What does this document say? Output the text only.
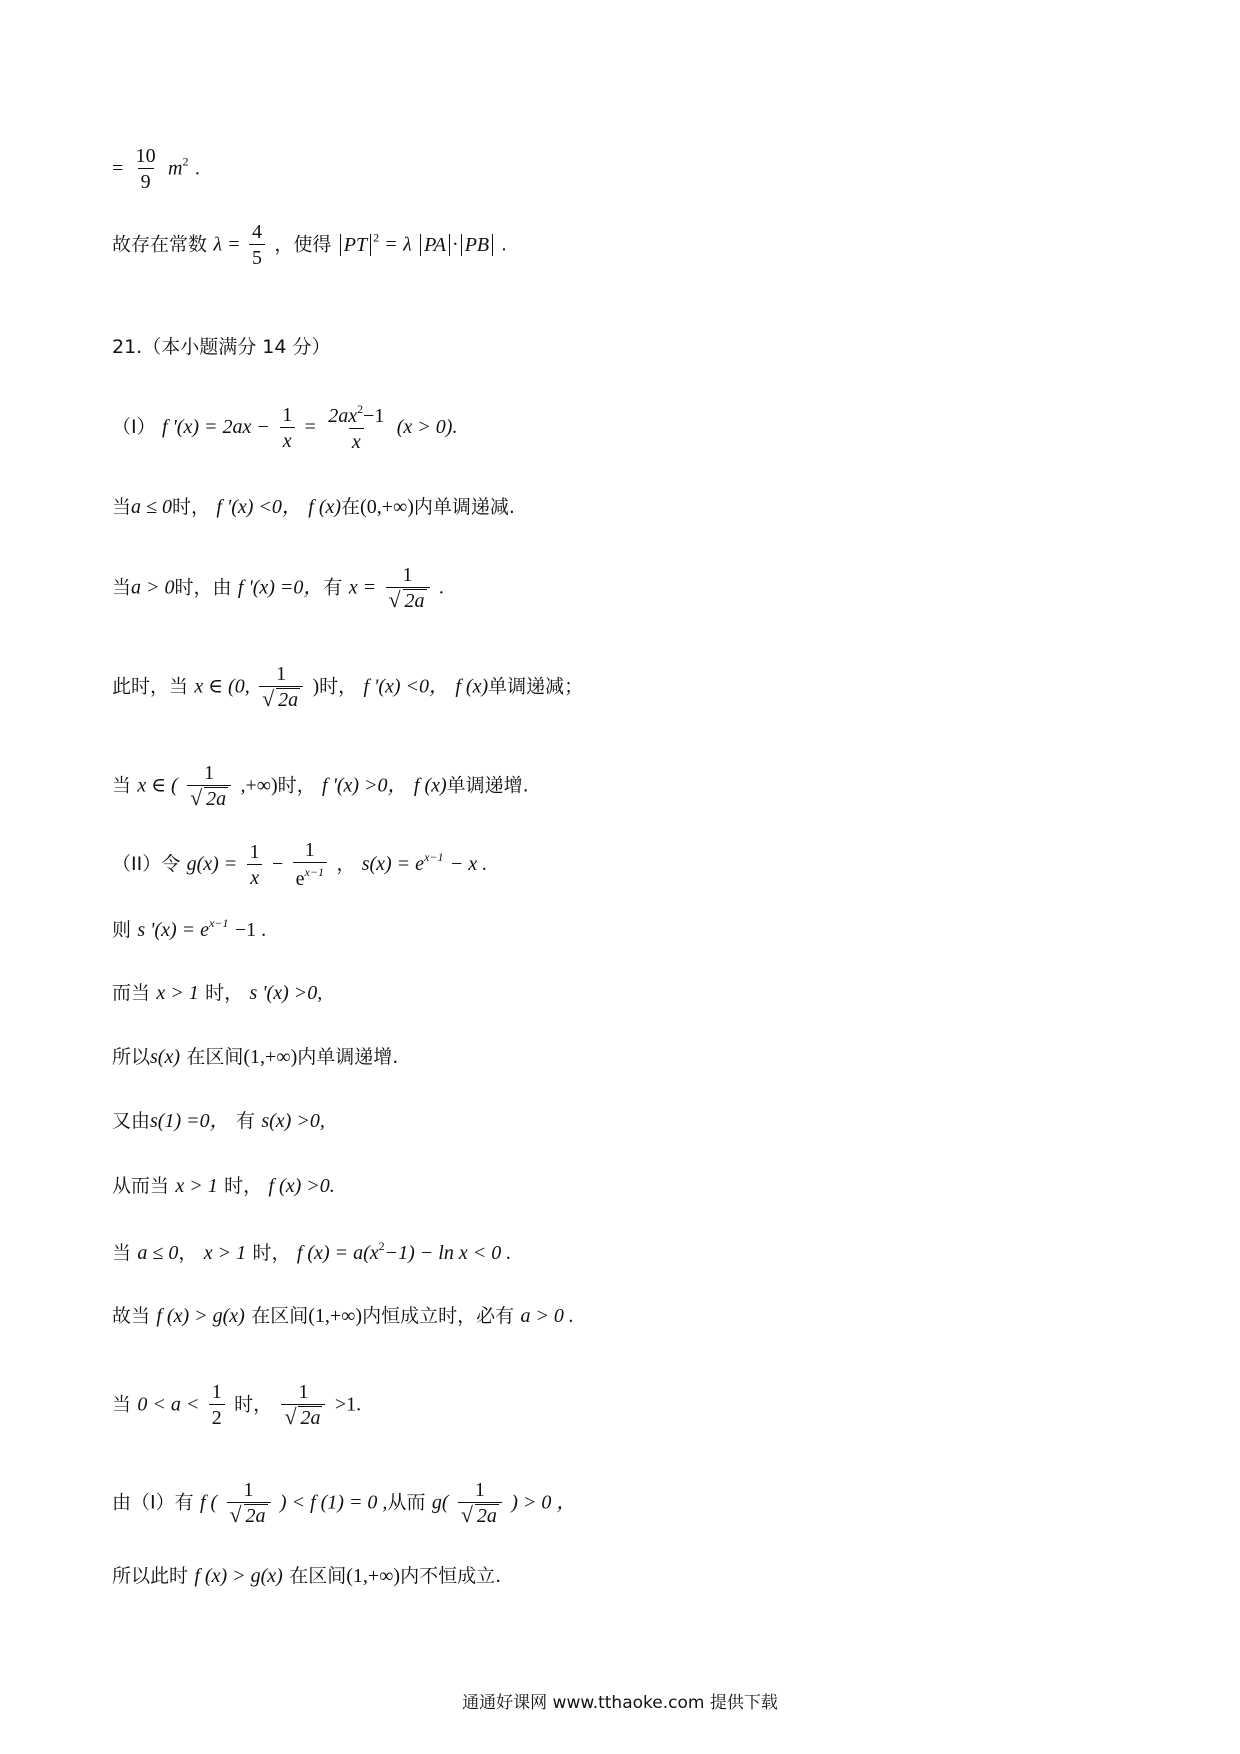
= $\frac{10}{9} m^2$ .
故存在常数 $\lambda = \frac{4}{5}$ ，使得 PT $^2$ = λ PA · PB .
21.（本小题满分 14 分）
（I） f '$(x) = 2ax - \frac{1}{x} = \frac{2ax^2-1}{x} (x > 0)$.
当a ≤ 0时， f '(x) <0， f (x)在(0,+∞)内单调递减.
当a > 0时，由 f '(x) =0，有 x = 1
√ 2a .
此时，当 x ∈ (0, 1
√ 2a )时， f '(x) <0， f (x)单调递减；
当 x ∈ ( 1
√ 2a ,+∞)时， f '(x) >0， f (x)单调递增.
（II）令 $g(x) = \frac{1}{x} - \frac{1}{e^{x-1}}$ ， $s(x) = e^{x-1} - x$ .
则 s '$(x) = e^{x-1} -1$ .
而当 x > 1 时， s '(x) >0,
所以s(x) 在区间(1,+∞)内单调递增.
又由s(1) =0， 有 s(x) >0,
从而当 x > 1 时， f (x) >0.
当 a ≤ 0， x > 1 时， f $(x) = a(x^2-1) - \ln x < 0$ .
故当 f (x) > g(x) 在区间(1,+∞)内恒成立时，必有 a > 0 .
当 $0 < a < \frac{1}{2}$ 时， 1
√ 2a >1.
由（I）有 f ( 1
√ 2a ) < f (1) = 0 ,从而 g( 1
√ 2a ) > 0 ，
所以此时 f (x) > g(x) 在区间(1,+∞)内不恒成立.
通通好课网 www.tthaoke.com 提供下载
